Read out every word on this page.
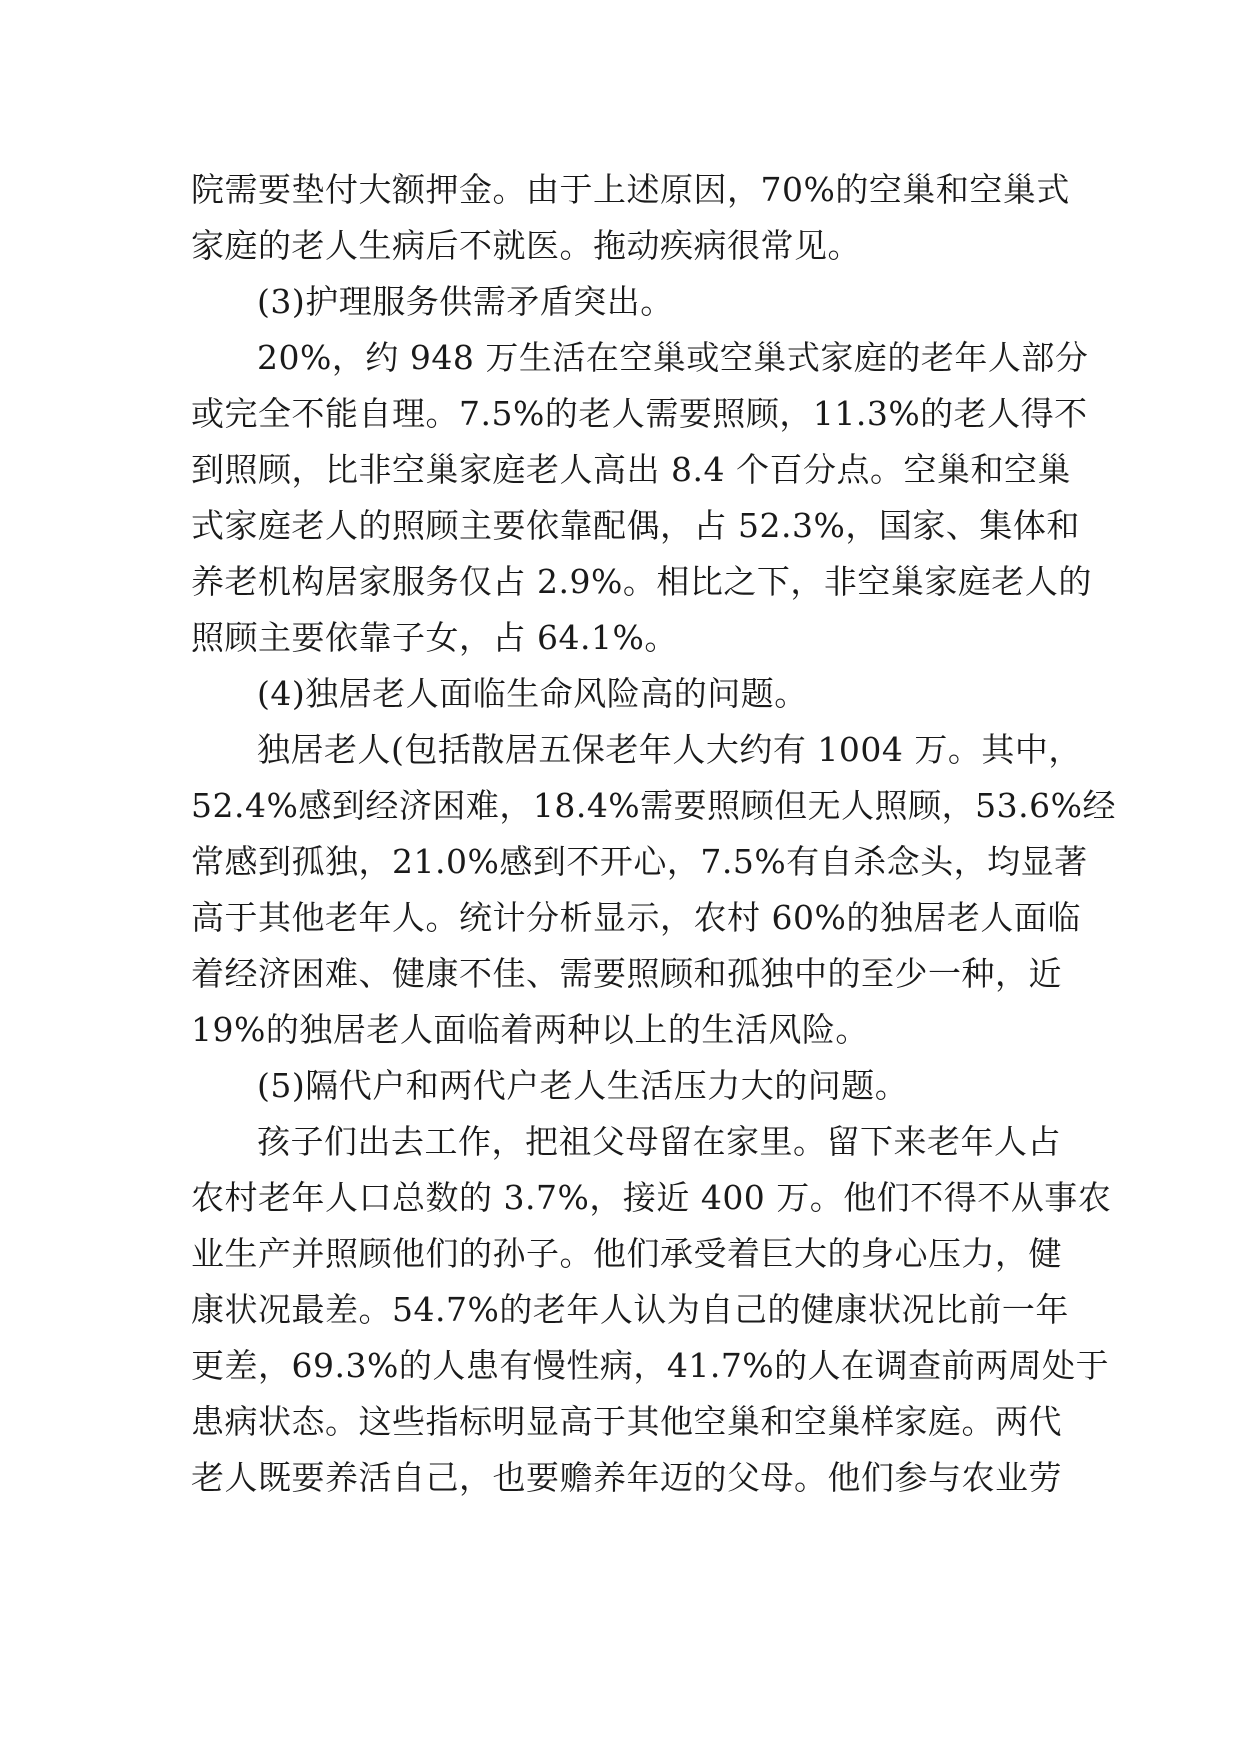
院需要垫付大额押金。由于上述原因，70%的空巢和空巢式
家庭的老人生病后不就医。拖动疾病很常见。
(3)护理服务供需矛盾突出。
20%，约 948 万生活在空巢或空巢式家庭的老年人部分
或完全不能自理。7.5%的老人需要照顾，11.3%的老人得不
到照顾，比非空巢家庭老人高出 8.4 个百分点。空巢和空巢
式家庭老人的照顾主要依靠配偶，占 52.3%，国家、集体和
养老机构居家服务仅占 2.9%。相比之下，非空巢家庭老人的
照顾主要依靠子女，占 64.1%。
(4)独居老人面临生命风险高的问题。
独居老人(包括散居五保老年人大约有 1004 万。其中，
52.4%感到经济困难，18.4%需要照顾但无人照顾，53.6%经
常感到孤独，21.0%感到不开心，7.5%有自杀念头，均显著
高于其他老年人。统计分析显示，农村 60%的独居老人面临
着经济困难、健康不佳、需要照顾和孤独中的至少一种，近
19%的独居老人面临着两种以上的生活风险。
(5)隔代户和两代户老人生活压力大的问题。
孩子们出去工作，把祖父母留在家里。留下来老年人占
农村老年人口总数的 3.7%，接近 400 万。他们不得不从事农
业生产并照顾他们的孙子。他们承受着巨大的身心压力，健
康状况最差。54.7%的老年人认为自己的健康状况比前一年
更差，69.3%的人患有慢性病，41.7%的人在调查前两周处于
患病状态。这些指标明显高于其他空巢和空巢样家庭。两代
老人既要养活自己，也要赡养年迈的父母。他们参与农业劳
